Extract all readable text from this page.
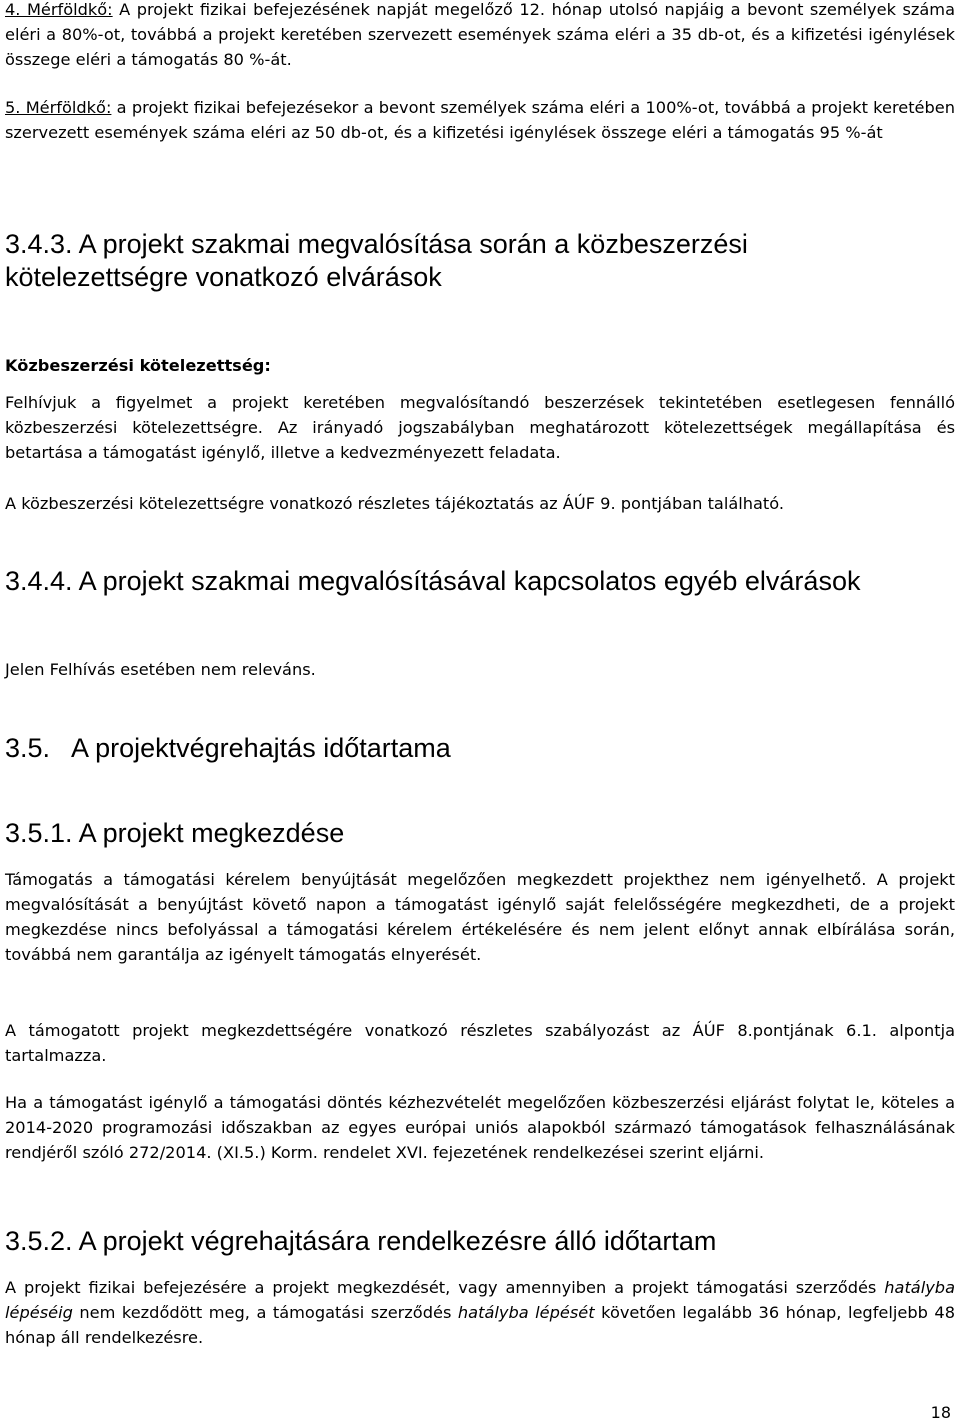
4. Mérföldkő: A projekt fizikai befejezésének napját megelőző 12. hónap utolsó napjáig a bevont személyek száma eléri a 80%-ot, továbbá a projekt keretében szervezett események száma eléri a 35 db-ot, és a kifizetési igénylések összege eléri a támogatás 80 %-át.

5. Mérföldkő: a projekt fizikai befejezésekor a bevont személyek száma eléri a 100%-ot, továbbá a projekt keretében szervezett események száma eléri az 50 db-ot, és a kifizetési igénylések összege eléri a támogatás 95 %-át

3.4.3. A projekt szakmai megvalósítása során a közbeszerzési kötelezettségre vonatkozó elvárások

Közbeszerzési kötelezettség:

Felhívjuk a figyelmet a projekt keretében megvalósítandó beszerzések tekintetében esetlegesen fennálló közbeszerzési kötelezettségre. Az irányadó jogszabályban meghatározott kötelezettségek megállapítása és betartása a támogatást igénylő, illetve a kedvezményezett feladata.

A közbeszerzési kötelezettségre vonatkozó részletes tájékoztatás az ÁÚF 9. pontjában található.

3.4.4. A projekt szakmai megvalósításával kapcsolatos egyéb elvárások

Jelen Felhívás esetében nem releváns.

3.5.   A projektvégrehajtás időtartama
3.5.1. A projekt megkezdése

Támogatás a támogatási kérelem benyújtását megelőzően megkezdett projekthez nem igényelhető. A projekt megvalósítását a benyújtást követő napon a támogatást igénylő saját felelősségére megkezdheti, de a projekt megkezdése nincs befolyással a támogatási kérelem értékelésére és nem jelent előnyt annak elbírálása során, továbbá nem garantálja az igényelt támogatás elnyerését.

A támogatott projekt megkezdettségére vonatkozó részletes szabályozást az ÁÚF 8.pontjának 6.1. alpontja tartalmazza.

Ha a támogatást igénylő a támogatási döntés kézhezvételét megelőzően közbeszerzési eljárást folytat le, köteles a 2014-2020 programozási időszakban az egyes európai uniós alapokból származó támogatások felhasználásának rendjéről szóló 272/2014. (XI.5.) Korm. rendelet XVI. fejezetének rendelkezései szerint eljárni.

3.5.2. A projekt végrehajtására rendelkezésre álló időtartam

A projekt fizikai befejezésére a projekt megkezdését, vagy amennyiben a projekt támogatási szerződés hatályba lépéséig nem kezdődött meg, a támogatási szerződés hatályba lépését követően legalább 36 hónap, legfeljebb 48 hónap áll rendelkezésre.

18
